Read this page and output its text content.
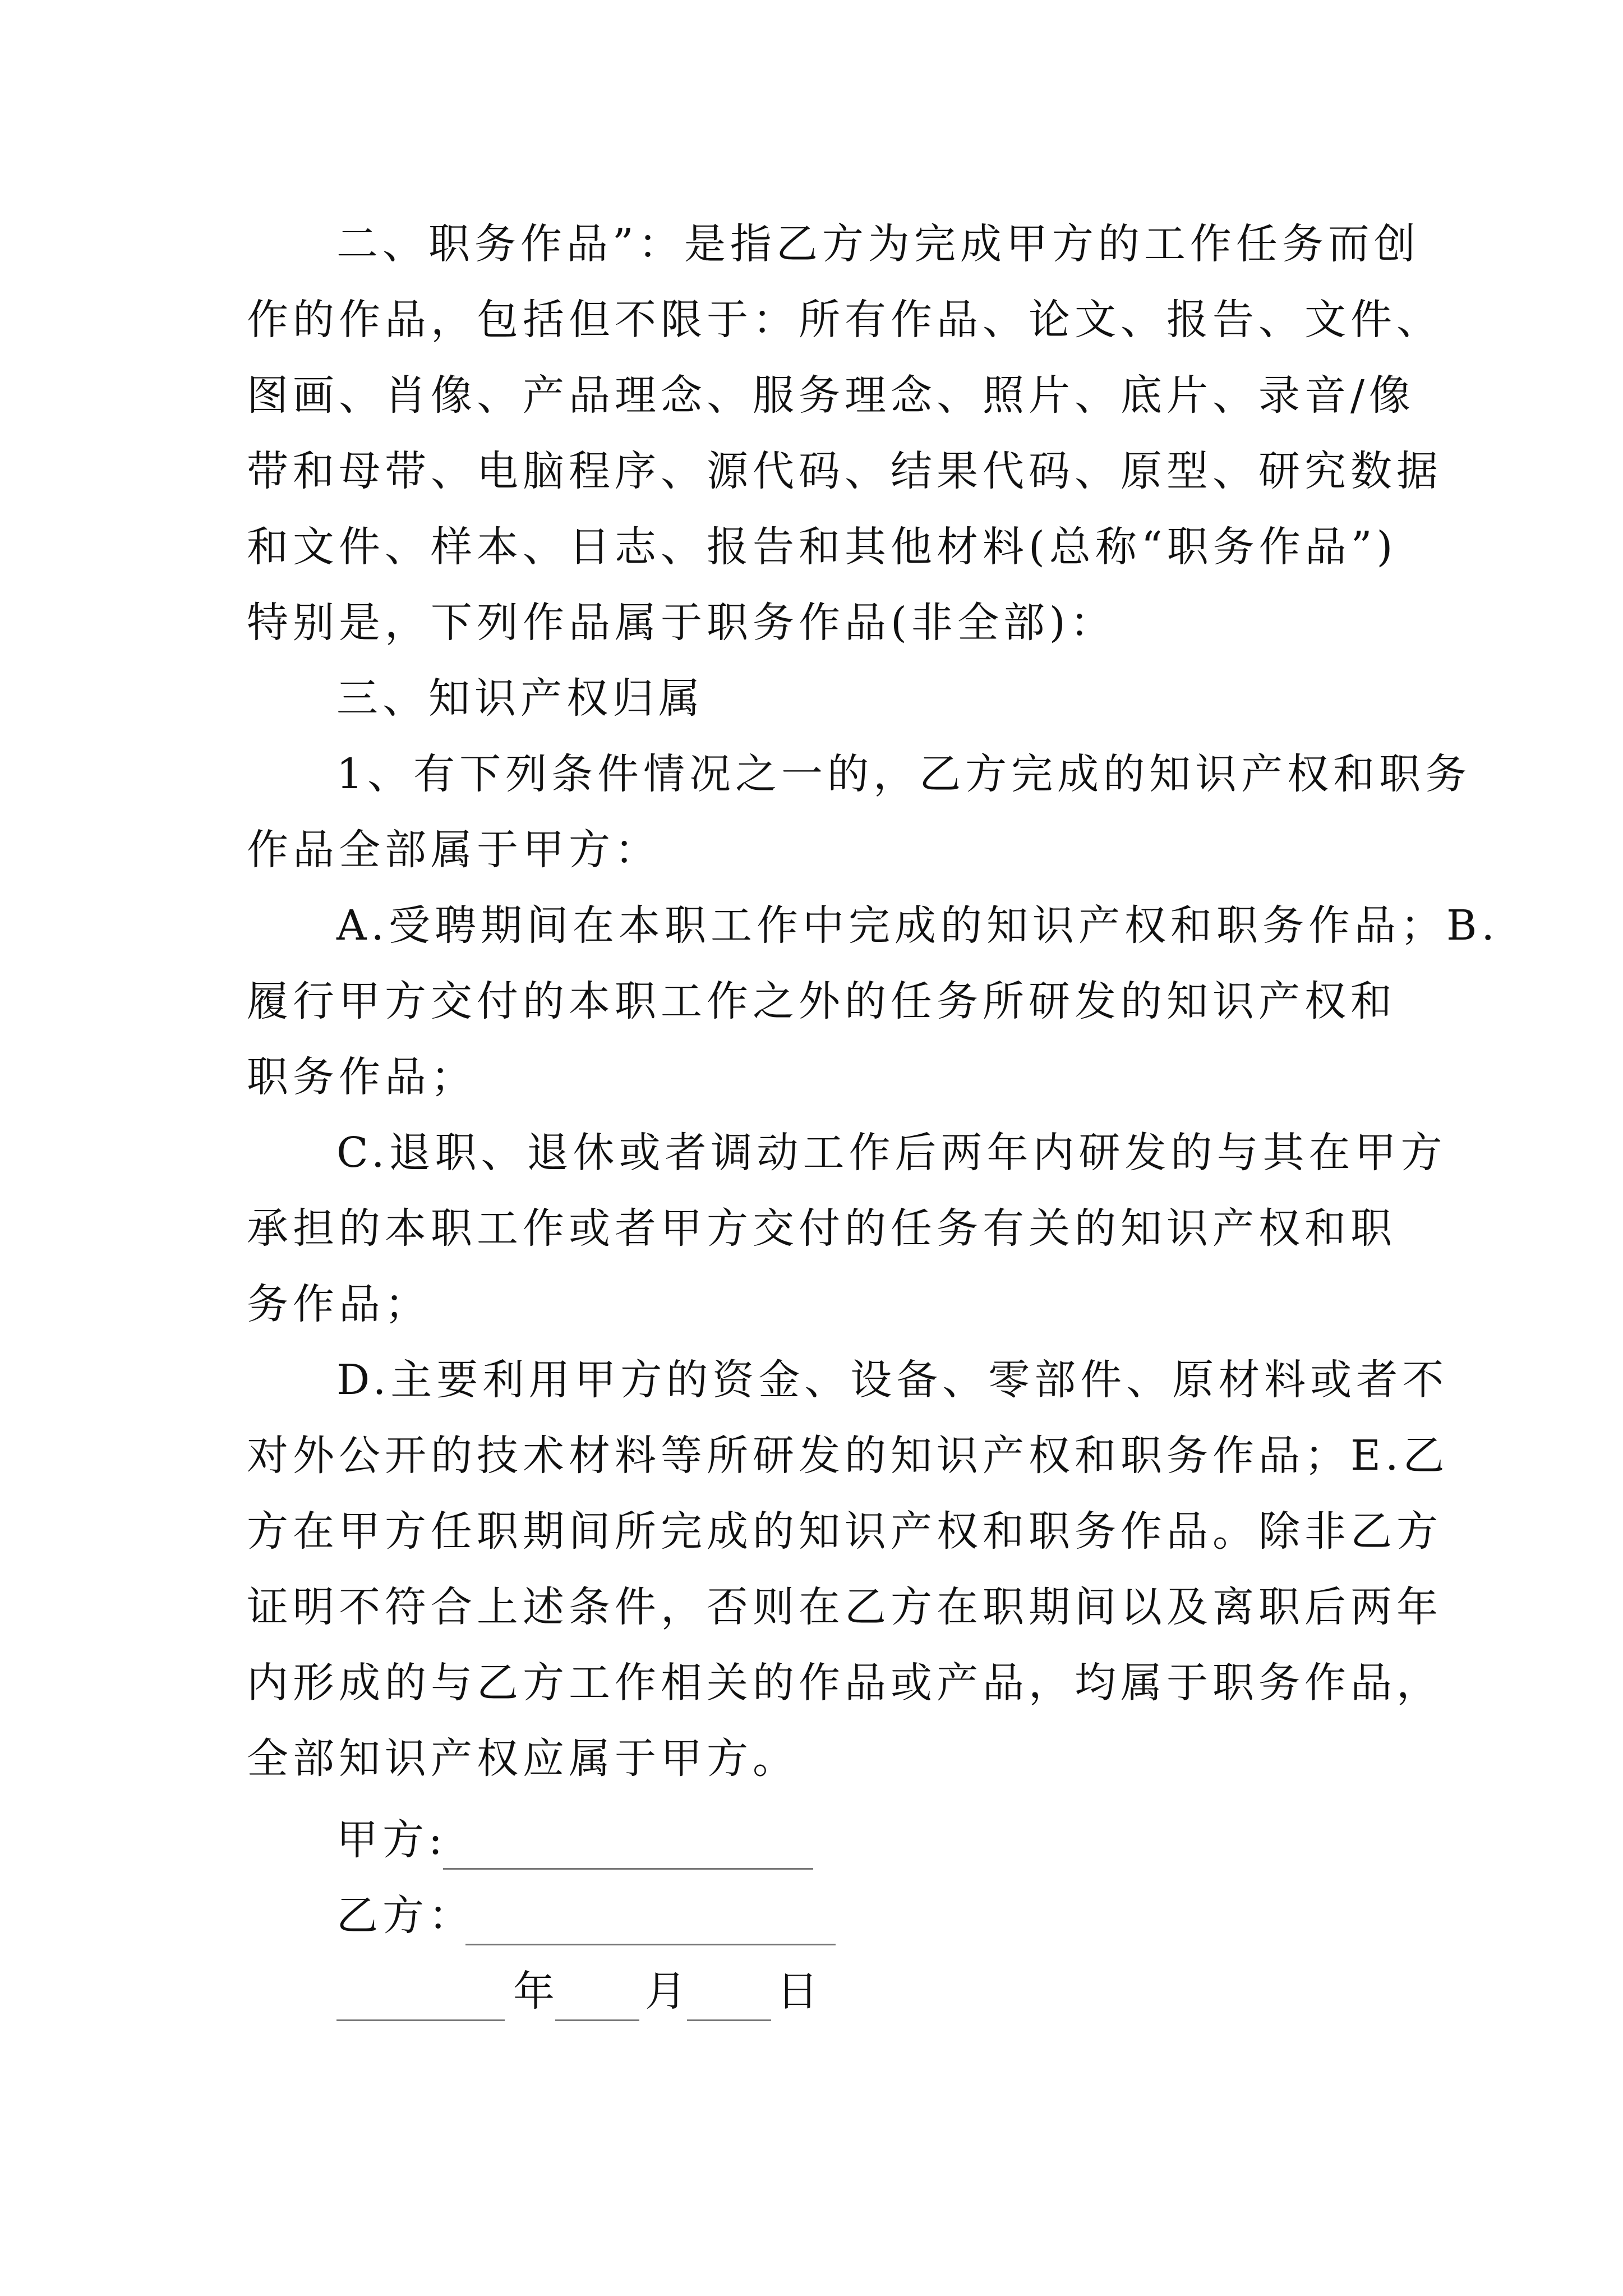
二、职务作品”：是指乙方为完成甲方的工作任务而创
作的作品，包括但不限于：所有作品、论文、报告、文件、
图画、肖像、产品理念、服务理念、照片、底片、录音/像
带和母带、电脑程序、源代码、结果代码、原型、研究数据
和文件、样本、日志、报告和其他材料(总称“职务作品”)
特别是，下列作品属于职务作品(非全部)：
三、知识产权归属
1、有下列条件情况之一的，乙方完成的知识产权和职务
作品全部属于甲方：
A.受聘期间在本职工作中完成的知识产权和职务作品；B.
履行甲方交付的本职工作之外的任务所研发的知识产权和
职务作品；
C.退职、退休或者调动工作后两年内研发的与其在甲方
承担的本职工作或者甲方交付的任务有关的知识产权和职
务作品；
D.主要利用甲方的资金、设备、零部件、原材料或者不
对外公开的技术材料等所研发的知识产权和职务作品；E.乙
方在甲方任职期间所完成的知识产权和职务作品。除非乙方
证明不符合上述条件，否则在乙方在职期间以及离职后两年
内形成的与乙方工作相关的作品或产品，均属于职务作品，
全部知识产权应属于甲方。
甲方:
乙方：
年 月 日
